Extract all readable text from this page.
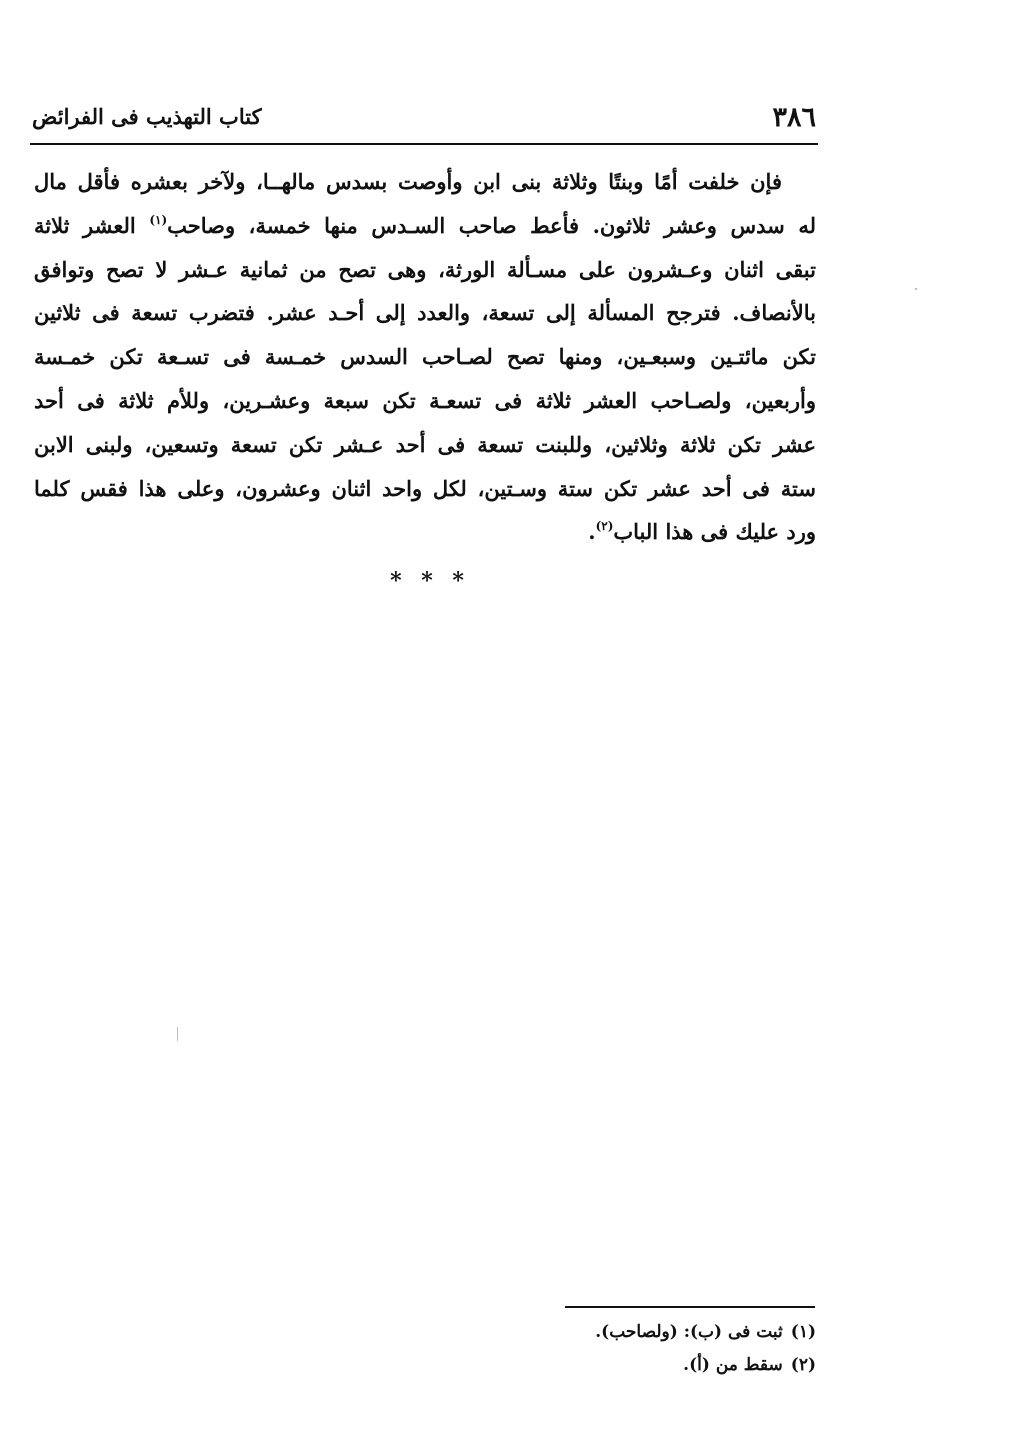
٣٨٦
كتاب التهذيب فى الفرائض
فإن خلفت أمًا وبنتًا وثلاثة بنى ابن وأوصت بسدس مالهــا، ولآخر بعشره فأقل مال
له سدس وعشر ثلاثون. فأعط صاحب السـدس منها خمسة، وصاحب$^{(١)}$ العشر ثلاثة
تبقى اثنان وعـشرون على مسـألة الورثة، وهى تصح من ثمانية عـشر لا تصح وتوافق
بالأنصاف. فترجح المسألة إلى تسعة، والعدد إلى أحـد عشر. فتضرب تسعة فى ثلاثين
تكن مائتـين وسبعـين، ومنها تصح لصـاحب السدس خمـسة فى تسـعة تكن خمـسة
وأربعين، ولصـاحب العشر ثلاثة فى تسعـة تكن سبعة وعشـرين، وللأم ثلاثة فى أحد
عشر تكن ثلاثة وثلاثين، وللبنت تسعة فى أحد عـشر تكن تسعة وتسعين، ولبنى الابن
ستة فى أحد عشر تكن ستة وسـتين، لكل واحد اثنان وعشرون، وعلى هذا فقس كلما
ورد عليك فى هذا الباب$^{(٢)}$.
* * *
(١)ثبت فى (ب): (ولصاحب).
(٢)سقط من (أ).
